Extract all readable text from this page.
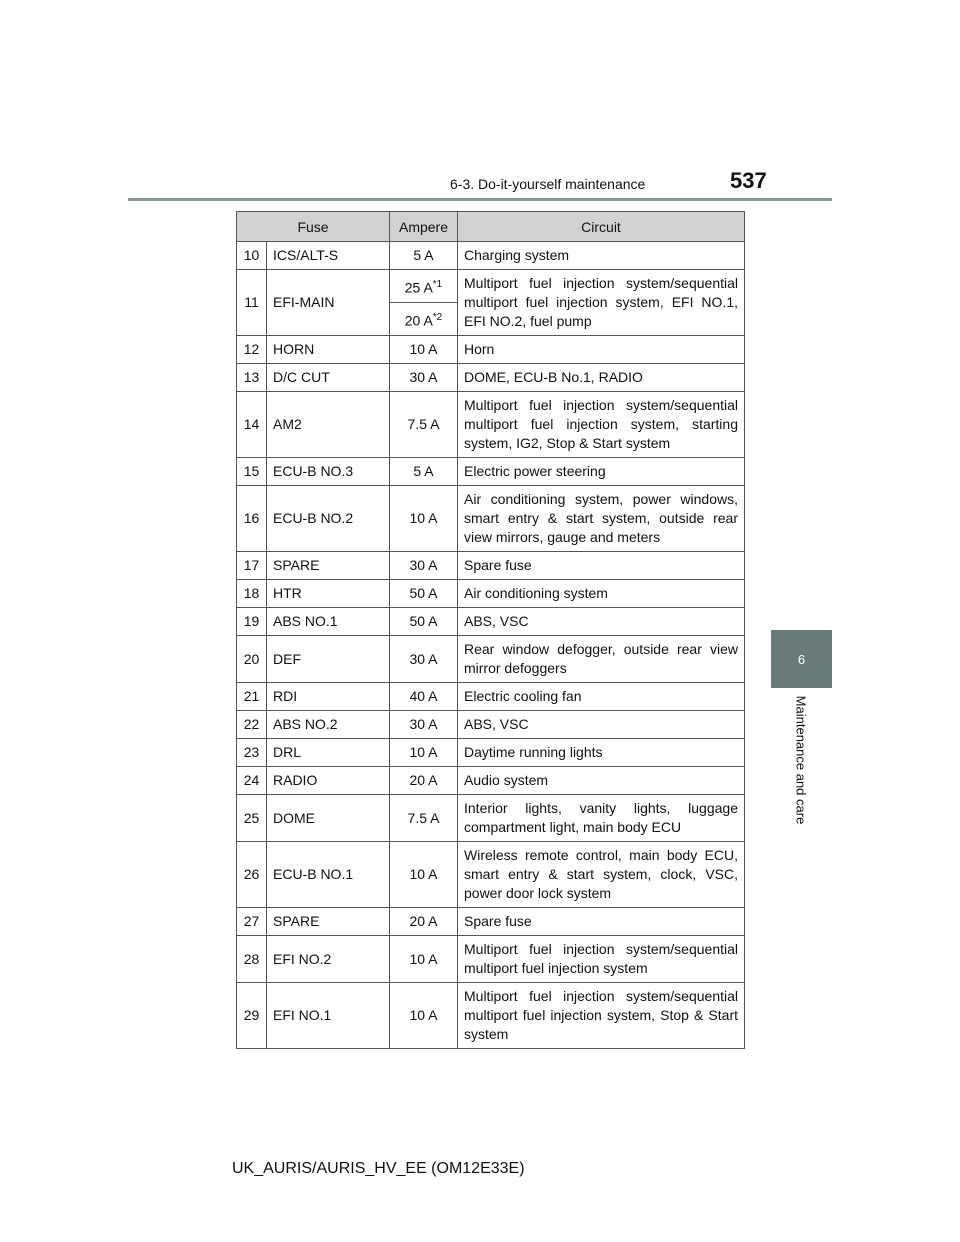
6-3. Do-it-yourself maintenance	537
6
Maintenance and care
Fuse		Ampere	Circuit
10	ICS/ALT-S	5 A	Charging system
11	EFI-MAIN	25 $A^{*1}$	Multiport fuel injection system/sequential multiport fuel injection system, EFI NO.1, EFI NO.2, fuel pump
		20 $A^{*2}$
12	HORN	10 A	Horn
13	D/C CUT	30 A	DOME, ECU-B No.1, RADIO
14	AM2	7.5 A	Multiport fuel injection system/sequential multiport fuel injection system, starting system, IG2, Stop & Start system
15	ECU-B NO.3	5 A	Electric power steering
16	ECU-B NO.2	10 A	Air conditioning system, power windows, smart entry & start system, outside rear view mirrors, gauge and meters
17	SPARE	30 A	Spare fuse
18	HTR	50 A	Air conditioning system
19	ABS NO.1	50 A	ABS, VSC
20	DEF	30 A	Rear window defogger, outside rear view mirror defoggers
21	RDI	40 A	Electric cooling fan
22	ABS NO.2	30 A	ABS, VSC
23	DRL	10 A	Daytime running lights
24	RADIO	20 A	Audio system
25	DOME	7.5 A	Interior lights, vanity lights, luggage compartment light, main body ECU
26	ECU-B NO.1	10 A	Wireless remote control, main body ECU, smart entry & start system, clock, VSC, power door lock system
27	SPARE	20 A	Spare fuse
28	EFI NO.2	10 A	Multiport fuel injection system/sequential multiport fuel injection system
29	EFI NO.1	10 A	Multiport fuel injection system/sequential multiport fuel injection system, Stop & Start system
UK_AURIS/AURIS_HV_EE (OM12E33E)
